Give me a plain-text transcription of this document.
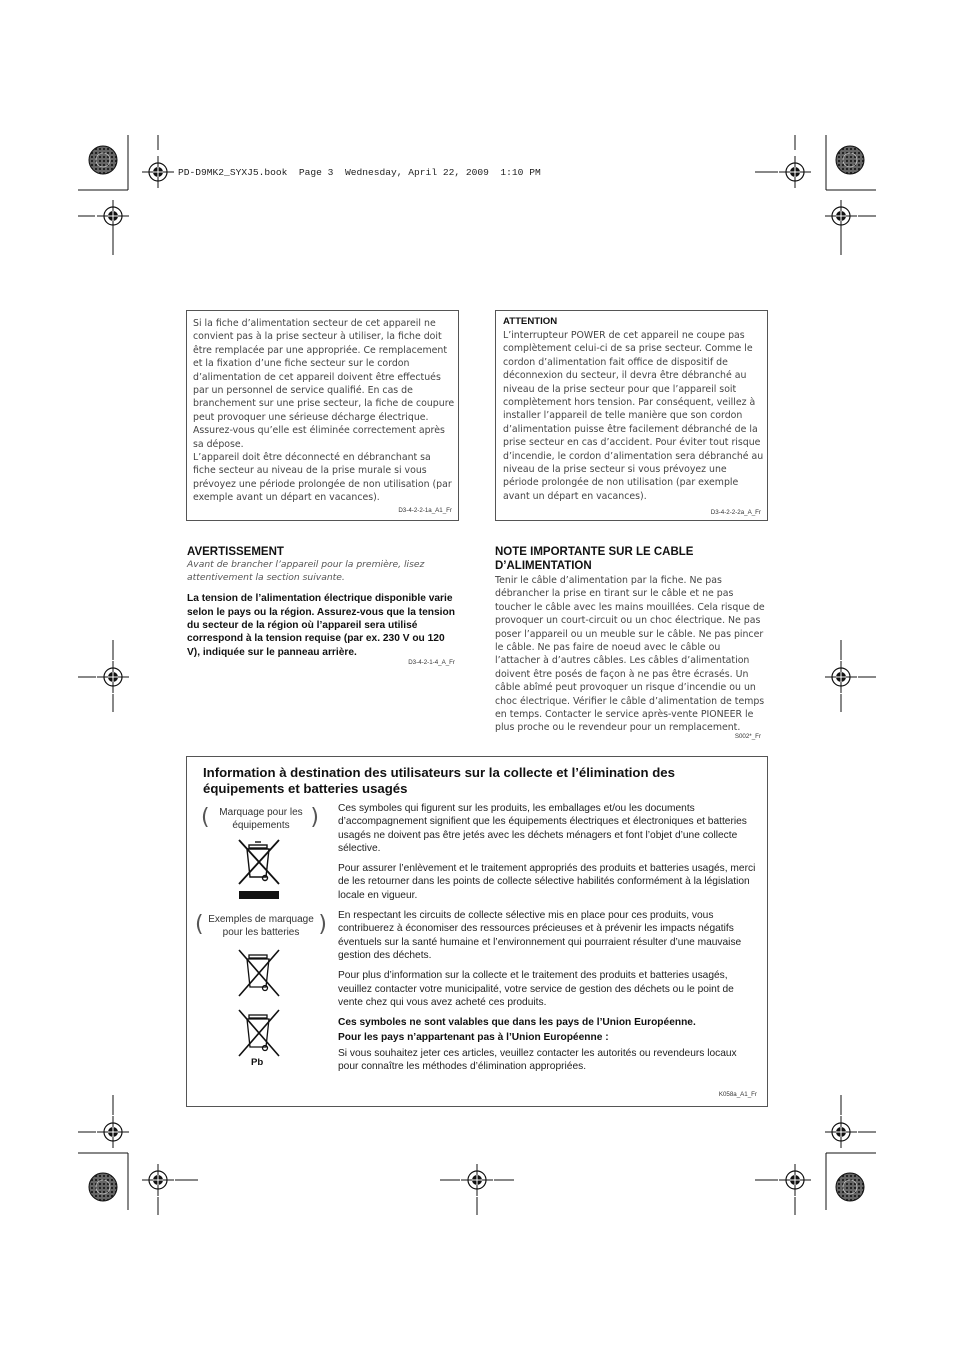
PD-D9MK2_SYXJ5.book  Page 3  Wednesday, April 22, 2009  1:10 PM

Si la fiche d’alimentation secteur de cet appareil ne convient pas à la prise secteur à utiliser, la fiche doit être remplacée par une appropriée. Ce remplacement et la fixation d’une fiche secteur sur le cordon d’alimentation de cet appareil doivent être effectués par un personnel de service qualifié. En cas de branchement sur une prise secteur, la fiche de coupure peut provoquer une sérieuse décharge électrique. Assurez-vous qu’elle est éliminée correctement après sa dépose.

L’appareil doit être déconnecté en débranchant sa fiche secteur au niveau de la prise murale si vous prévoyez une période prolongée de non utilisation (par exemple avant un départ en vacances).

D3-4-2-2-1a_A1_Fr
ATTENTION

L’interrupteur POWER de cet appareil ne coupe pas complètement celui-ci de sa prise secteur. Comme le cordon d’alimentation fait office de dispositif de déconnexion du secteur, il devra être débranché au niveau de la prise secteur pour que l’appareil soit complètement hors tension. Par conséquent, veillez à installer l’appareil de telle manière que son cordon d’alimentation puisse être facilement débranché de la prise secteur en cas d’accident. Pour éviter tout risque d’incendie, le cordon d’alimentation sera débranché au niveau de la prise secteur si vous prévoyez une période prolongée de non utilisation (par exemple avant un départ en vacances).

D3-4-2-2-2a_A_Fr
AVERTISSEMENT
Avant de brancher l’appareil pour la première, lisez attentivement la section suivante.
La tension de l’alimentation électrique disponible varie selon le pays ou la région. Assurez-vous que la tension du secteur de la région où l’appareil sera utilisé correspond à la tension requise (par ex. 230 V ou 120 V), indiquée sur le panneau arrière.
D3-4-2-1-4_A_Fr
NOTE IMPORTANTE SUR LE CABLE D’ALIMENTATION

Tenir le câble d’alimentation par la fiche. Ne pas débrancher la prise en tirant sur le câble et ne pas toucher le câble avec les mains mouillées. Cela risque de provoquer un court-circuit ou un choc électrique. Ne pas poser l’appareil ou un meuble sur le câble. Ne pas pincer le câble. Ne pas faire de noeud avec le câble ou l’attacher à d’autres câbles. Les câbles d’alimentation doivent être posés de façon à ne pas être écrasés. Un câble abîmé peut provoquer un risque d’incendie ou un choc électrique. Vérifier le câble d’alimentation de temps en temps. Contacter le service après-vente PIONEER le plus proche ou le revendeur pour un remplacement.

S002*_Fr
Information à destination des utilisateurs sur la collecte et l’élimination des équipements et batteries usagés
( Marquage pour les équipements )
( Exemples de marquage pour les batteries )
Pb

Ces symboles qui figurent sur les produits, les emballages et/ou les documents d’accompagnement signifient que les équipements électriques et électroniques et batteries usagés ne doivent pas être jetés avec les déchets ménagers et font l’objet d’une collecte sélective.

Pour assurer l’enlèvement et le traitement appropriés des produits et batteries usagés, merci de les retourner dans les points de collecte sélective habilités conformément à la législation locale en vigueur.

En respectant les circuits de collecte sélective mis en place pour ces produits, vous contribuerez à économiser des ressources précieuses et à prévenir les impacts négatifs éventuels sur la santé humaine et l’environnement qui pourraient résulter d’une mauvaise gestion des déchets.

Pour plus d’information sur la collecte et le traitement des produits et batteries usagés, veuillez contacter votre municipalité, votre service de gestion des déchets ou le point de vente chez qui vous avez acheté ces produits.

Ces symboles ne sont valables que dans les pays de l’Union Européenne.

Pour les pays n’appartenant pas à l’Union Européenne :

Si vous souhaitez jeter ces articles, veuillez contacter les autorités ou revendeurs locaux pour connaître les méthodes d’élimination appropriées.

K058a_A1_Fr
